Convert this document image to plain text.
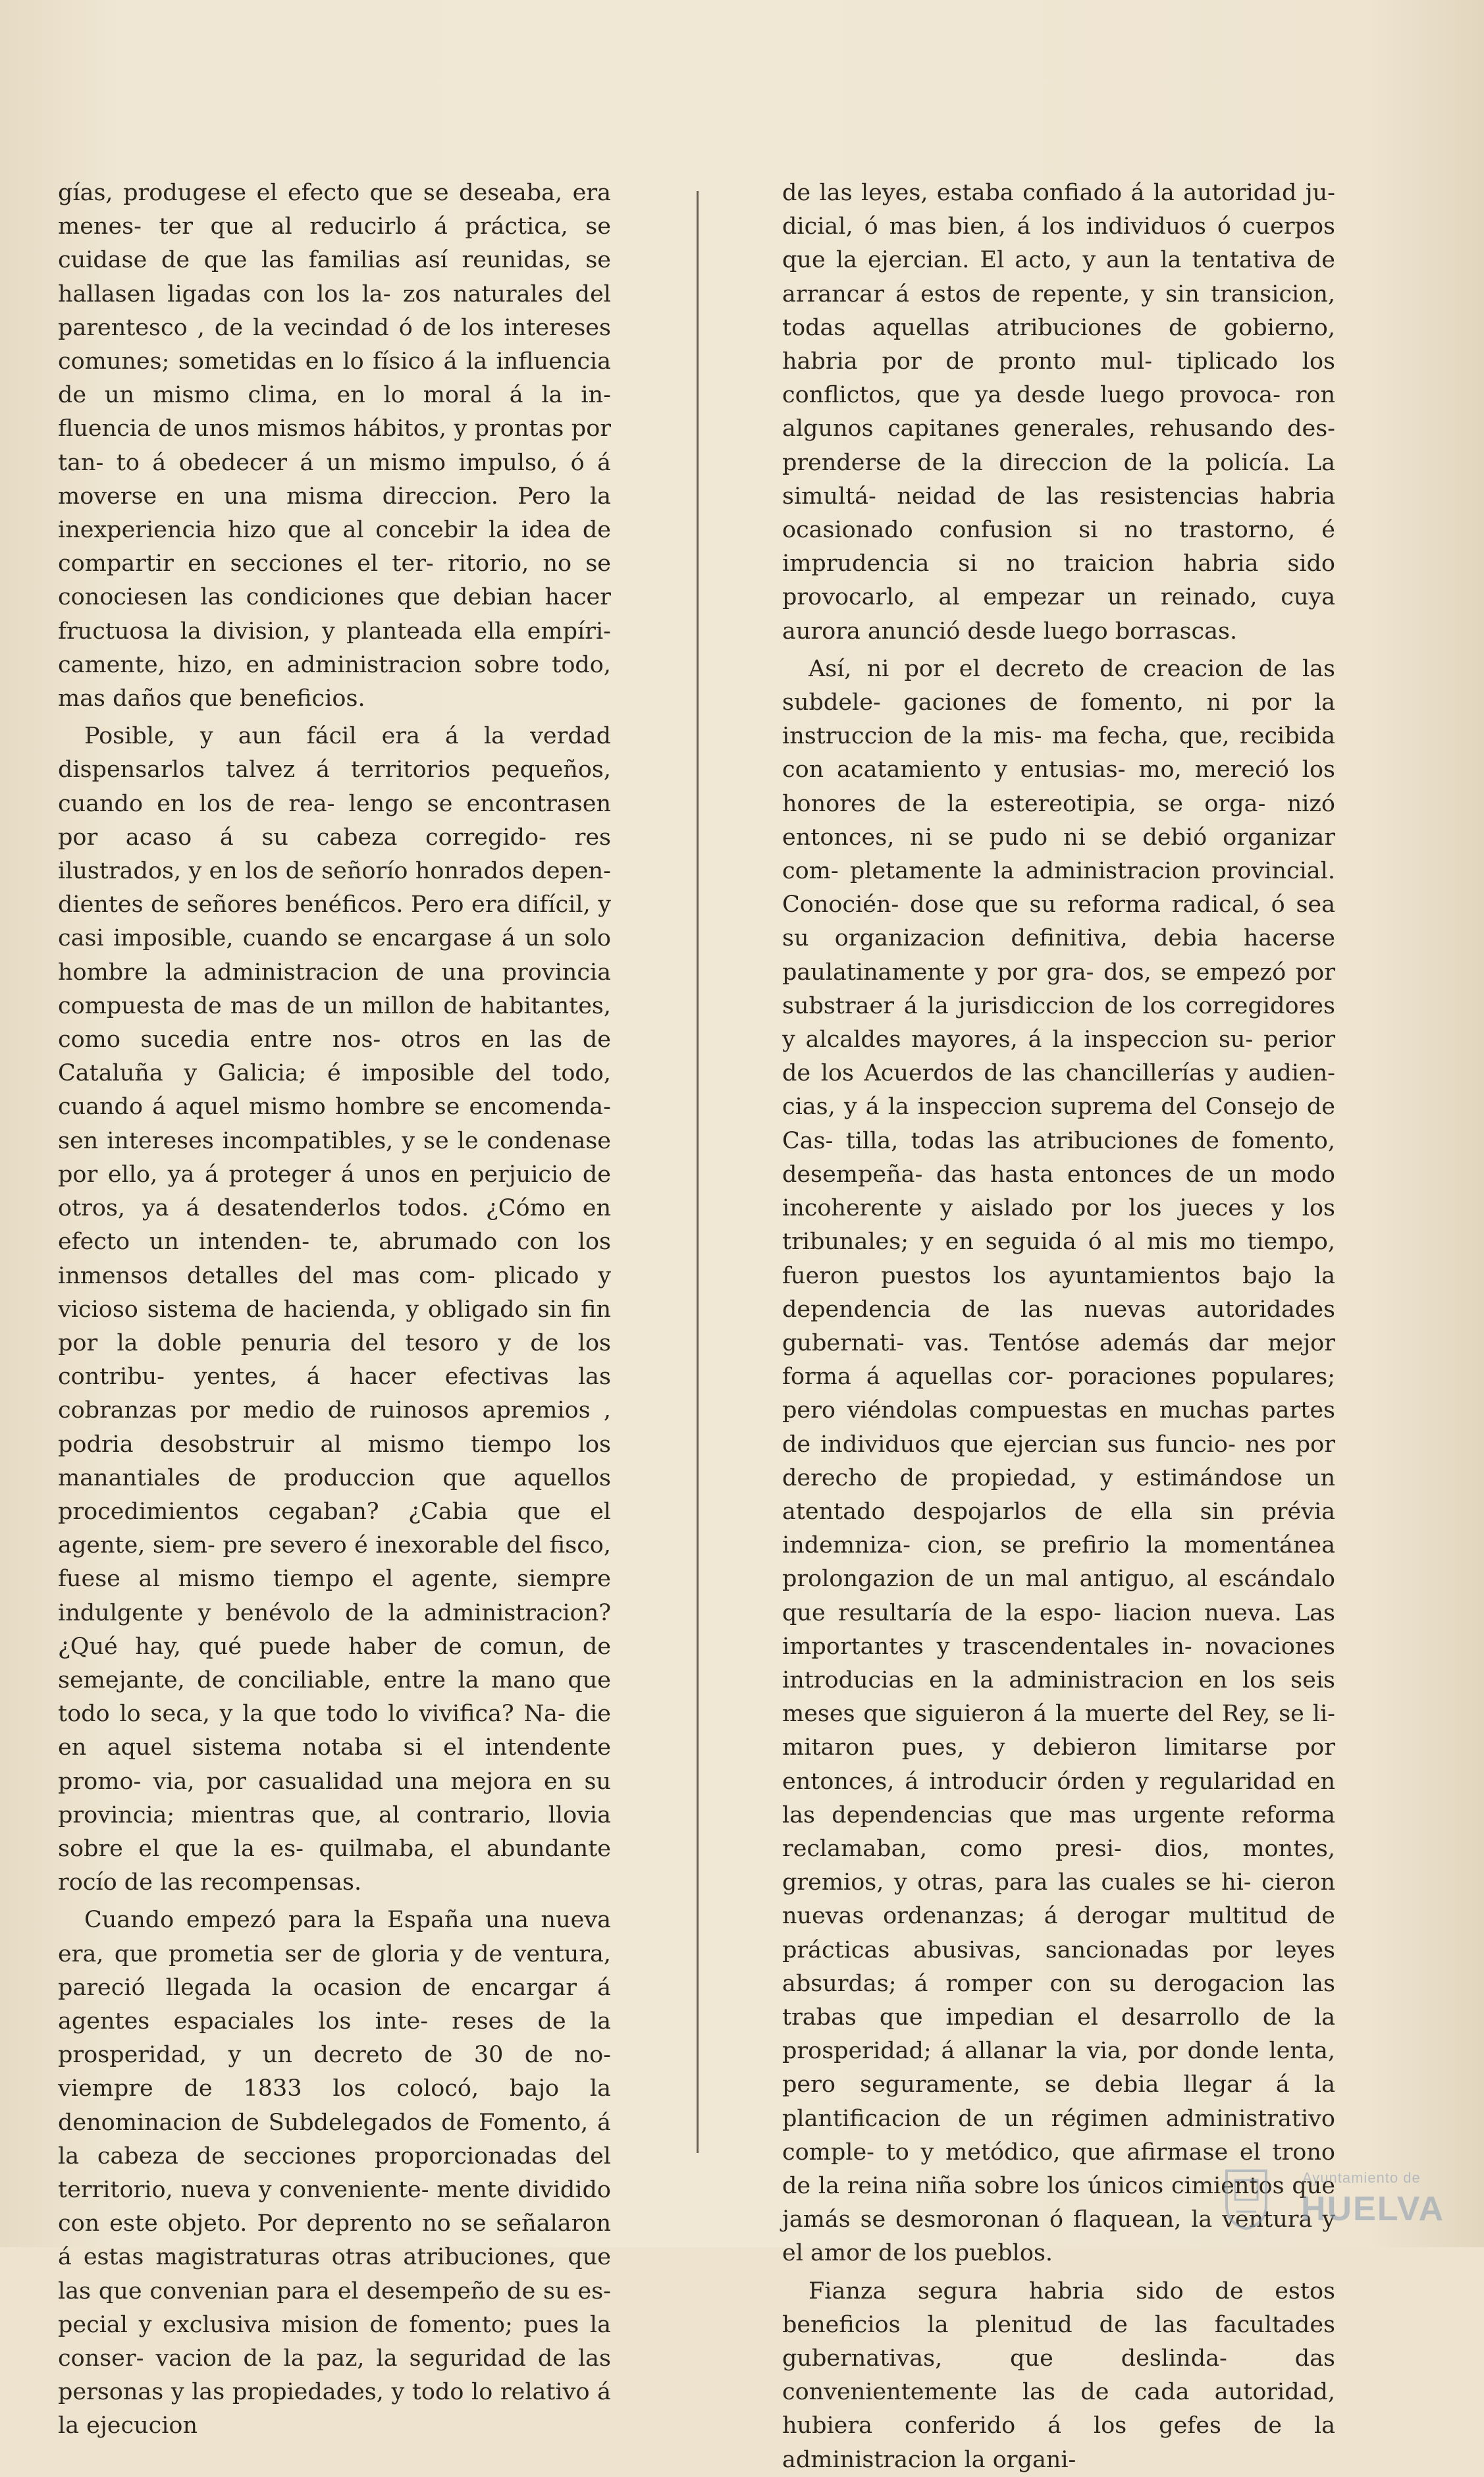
gías, produgese el efecto que se deseaba, era menes- ter que al reducirlo á práctica, se cuidase de que las familias así reunidas, se hallasen ligadas con los la- zos naturales del parentesco , de la vecindad ó de los intereses comunes; sometidas en lo físico á la influencia de un mismo clima, en lo moral á la in- fluencia de unos mismos hábitos, y prontas por tan- to á obedecer á un mismo impulso, ó á moverse en una misma direccion. Pero la inexperiencia hizo que al concebir la idea de compartir en secciones el ter- ritorio, no se conociesen las condiciones que debian hacer fructuosa la division, y planteada ella empíri- camente, hizo, en administracion sobre todo, mas daños que beneficios.

Posible, y aun fácil era á la verdad dispensarlos talvez á territorios pequeños, cuando en los de rea- lengo se encontrasen por acaso á su cabeza corregido- res ilustrados, y en los de señorío honrados depen- dientes de señores benéficos. Pero era difícil, y casi imposible, cuando se encargase á un solo hombre la administracion de una provincia compuesta de mas de un millon de habitantes, como sucedia entre nos- otros en las de Cataluña y Galicia; é imposible del todo, cuando á aquel mismo hombre se encomenda- sen intereses incompatibles, y se le condenase por ello, ya á proteger á unos en perjuicio de otros, ya á desatenderlos todos. ¿Cómo en efecto un intenden- te, abrumado con los inmensos detalles del mas com- plicado y vicioso sistema de hacienda, y obligado sin fin por la doble penuria del tesoro y de los contribu- yentes, á hacer efectivas las cobranzas por medio de ruinosos apremios , podria desobstruir al mismo tiempo los manantiales de produccion que aquellos procedimientos cegaban? ¿Cabia que el agente, siem- pre severo é inexorable del fisco, fuese al mismo tiempo el agente, siempre indulgente y benévolo de la administracion? ¿Qué hay, qué puede haber de comun, de semejante, de conciliable, entre la mano que todo lo seca, y la que todo lo vivifica? Na- die en aquel sistema notaba si el intendente promo- via, por casualidad una mejora en su provincia; mientras que, al contrario, llovia sobre el que la es- quilmaba, el abundante rocío de las recompensas.

Cuando empezó para la España una nueva era, que prometia ser de gloria y de ventura, pareció llegada la ocasion de encargar á agentes espaciales los inte- reses de la prosperidad, y un decreto de 30 de no- viempre de 1833 los colocó, bajo la denominacion de Subdelegados de Fomento, á la cabeza de secciones proporcionadas del territorio, nueva y conveniente- mente dividido con este objeto. Por deprento no se señalaron á estas magistraturas otras atribuciones, que las que convenian para el desempeño de su es- pecial y exclusiva mision de fomento; pues la conser- vacion de la paz, la seguridad de las personas y las propiedades, y todo lo relativo á la ejecucion

de las leyes, estaba confiado á la autoridad ju- dicial, ó mas bien, á los individuos ó cuerpos que la ejercian. El acto, y aun la tentativa de arrancar á estos de repente, y sin transicion, todas aquellas atribuciones de gobierno, habria por de pronto mul- tiplicado los conflictos, que ya desde luego provoca- ron algunos capitanes generales, rehusando des- prenderse de la direccion de la policía. La simultá- neidad de las resistencias habria ocasionado confusion si no trastorno, é imprudencia si no traicion habria sido provocarlo, al empezar un reinado, cuya aurora anunció desde luego borrascas.

Así, ni por el decreto de creacion de las subdele- gaciones de fomento, ni por la instruccion de la mis- ma fecha, que, recibida con acatamiento y entusias- mo, mereció los honores de la estereotipia, se orga- nizó entonces, ni se pudo ni se debió organizar com- pletamente la administracion provincial. Conocién- dose que su reforma radical, ó sea su organizacion definitiva, debia hacerse paulatinamente y por gra- dos, se empezó por substraer á la jurisdiccion de los corregidores y alcaldes mayores, á la inspeccion su- perior de los Acuerdos de las chancillerías y audien- cias, y á la inspeccion suprema del Consejo de Cas- tilla, todas las atribuciones de fomento, desempeña- das hasta entonces de un modo incoherente y aislado por los jueces y los tribunales; y en seguida ó al mis mo tiempo, fueron puestos los ayuntamientos bajo la dependencia de las nuevas autoridades gubernati- vas. Tentóse además dar mejor forma á aquellas cor- poraciones populares; pero viéndolas compuestas en muchas partes de individuos que ejercian sus funcio- nes por derecho de propiedad, y estimándose un atentado despojarlos de ella sin prévia indemniza- cion, se prefirio la momentánea prolongazion de un mal antiguo, al escándalo que resultaría de la espo- liacion nueva. Las importantes y trascendentales in- novaciones introducias en la administracion en los seis meses que siguieron á la muerte del Rey, se li- mitaron pues, y debieron limitarse por entonces, á introducir órden y regularidad en las dependencias que mas urgente reforma reclamaban, como presi- dios, montes, gremios, y otras, para las cuales se hi- cieron nuevas ordenanzas; á derogar multitud de prácticas abusivas, sancionadas por leyes absurdas; á romper con su derogacion las trabas que impedian el desarrollo de la prosperidad; á allanar la via, por donde lenta, pero seguramente, se debia llegar á la plantificacion de un régimen administrativo comple- to y metódico, que afirmase el trono de la reina niña sobre los únicos cimientos que jamás se desmoronan ó flaquean, la ventura y el amor de los pueblos.

Fianza segura habria sido de estos beneficios la plenitud de las facultades gubernativas, que deslinda- das convenientemente las de cada autoridad, hubiera conferido á los gefes de la administracion la organi-

Ayuntamiento de
HUELVA
